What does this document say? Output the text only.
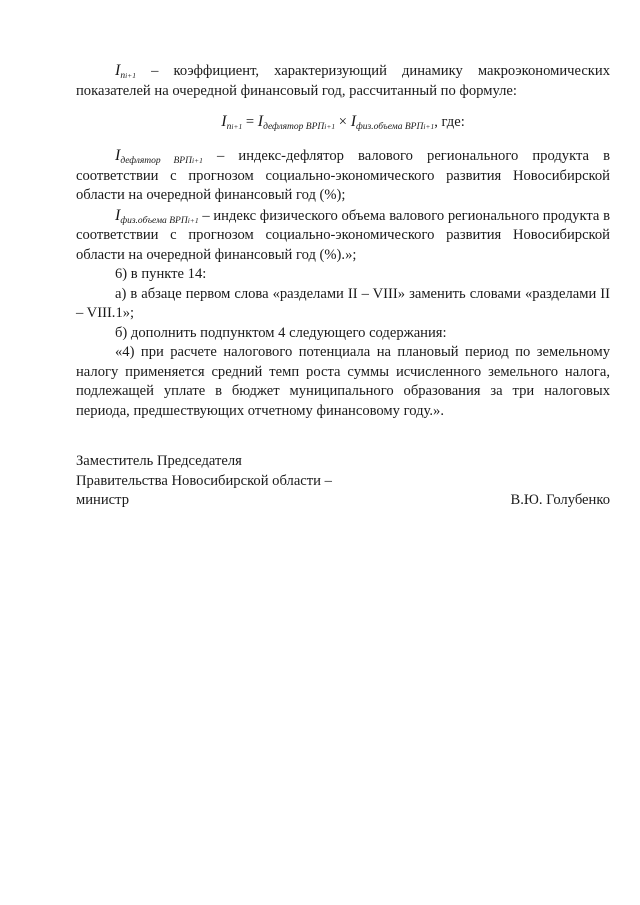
$I_{ni+1}$ – коэффициент, характеризующий динамику макроэкономических показателей на очередной финансовый год, рассчитанный по формуле:

$I_{ni+1} = I_{дефлятор ВРПi+1} \times I_{физ.объема ВРПi+1}$, где:

$I_{дефлятор ВРПi+1}$ – индекс-дефлятор валового регионального продукта в соответствии с прогнозом социально-экономического развития Новосибирской области на очередной финансовый год (%);

$I_{физ.объема ВРПi+1}$ – индекс физического объема валового регионального продукта в соответствии с прогнозом социально-экономического развития Новосибирской области на очередной финансовый год (%).»;

6) в пункте 14:

а) в абзаце первом слова «разделами II – VIII» заменить словами «разделами II – VIII.1»;

б) дополнить подпунктом 4 следующего содержания:

«4) при расчете налогового потенциала на плановый период по земельному налогу применяется средний темп роста суммы исчисленного земельного налога, подлежащей уплате в бюджет муниципального образования за три налоговых периода, предшествующих отчетному финансовому году.».

Заместитель Председателя
Правительства Новосибирской области –
министр	В.Ю. Голубенко
